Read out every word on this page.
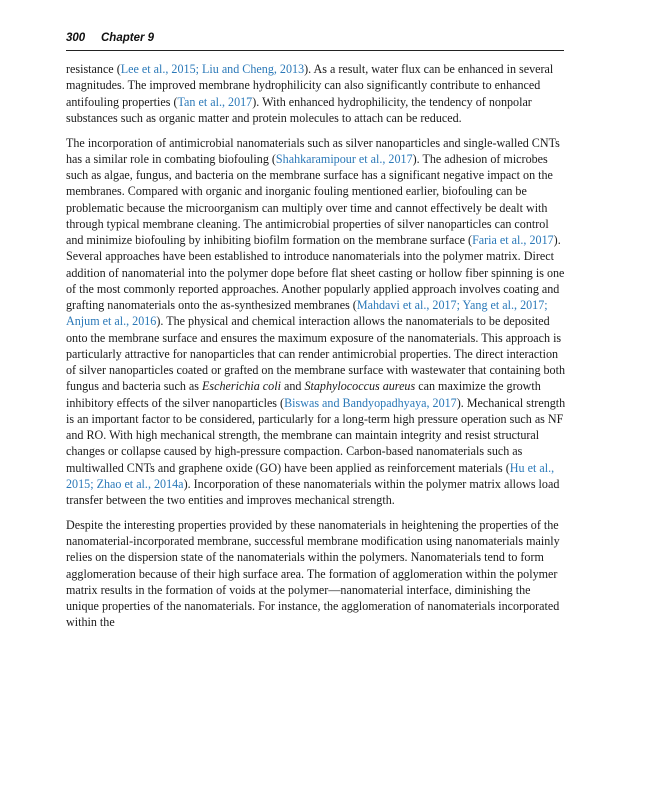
300 Chapter 9

resistance (Lee et al., 2015; Liu and Cheng, 2013). As a result, water flux can be enhanced in several magnitudes. The improved membrane hydrophilicity can also significantly contribute to enhanced antifouling properties (Tan et al., 2017). With enhanced hydrophilicity, the tendency of nonpolar substances such as organic matter and protein molecules to attach can be reduced.

The incorporation of antimicrobial nanomaterials such as silver nanoparticles and single-walled CNTs has a similar role in combating biofouling (Shahkaramipour et al., 2017). The adhesion of microbes such as algae, fungus, and bacteria on the membrane surface has a significant negative impact on the membranes. Compared with organic and inorganic fouling mentioned earlier, biofouling can be problematic because the microorganism can multiply over time and cannot effectively be dealt with through typical membrane cleaning. The antimicrobial properties of silver nanoparticles can control and minimize biofouling by inhibiting biofilm formation on the membrane surface (Faria et al., 2017). Several approaches have been established to introduce nanomaterials into the polymer matrix. Direct addition of nanomaterial into the polymer dope before flat sheet casting or hollow fiber spinning is one of the most commonly reported approaches. Another popularly applied approach involves coating and grafting nanomaterials onto the as-synthesized membranes (Mahdavi et al., 2017; Yang et al., 2017; Anjum et al., 2016). The physical and chemical interaction allows the nanomaterials to be deposited onto the membrane surface and ensures the maximum exposure of the nanomaterials. This approach is particularly attractive for nanoparticles that can render antimicrobial properties. The direct interaction of silver nanoparticles coated or grafted on the membrane surface with wastewater that containing both fungus and bacteria such as Escherichia coli and Staphylococcus aureus can maximize the growth inhibitory effects of the silver nanoparticles (Biswas and Bandyopadhyaya, 2017). Mechanical strength is an important factor to be considered, particularly for a long-term high pressure operation such as NF and RO. With high mechanical strength, the membrane can maintain integrity and resist structural changes or collapse caused by high-pressure compaction. Carbon-based nanomaterials such as multiwalled CNTs and graphene oxide (GO) have been applied as reinforcement materials (Hu et al., 2015; Zhao et al., 2014a). Incorporation of these nanomaterials within the polymer matrix allows load transfer between the two entities and improves mechanical strength.

Despite the interesting properties provided by these nanomaterials in heightening the properties of the nanomaterial-incorporated membrane, successful membrane modification using nanomaterials mainly relies on the dispersion state of the nanomaterials within the polymers. Nanomaterials tend to form agglomeration because of their high surface area. The formation of agglomeration within the polymer matrix results in the formation of voids at the polymer—nanomaterial interface, diminishing the unique properties of the nanomaterials. For instance, the agglomeration of nanomaterials incorporated within the
